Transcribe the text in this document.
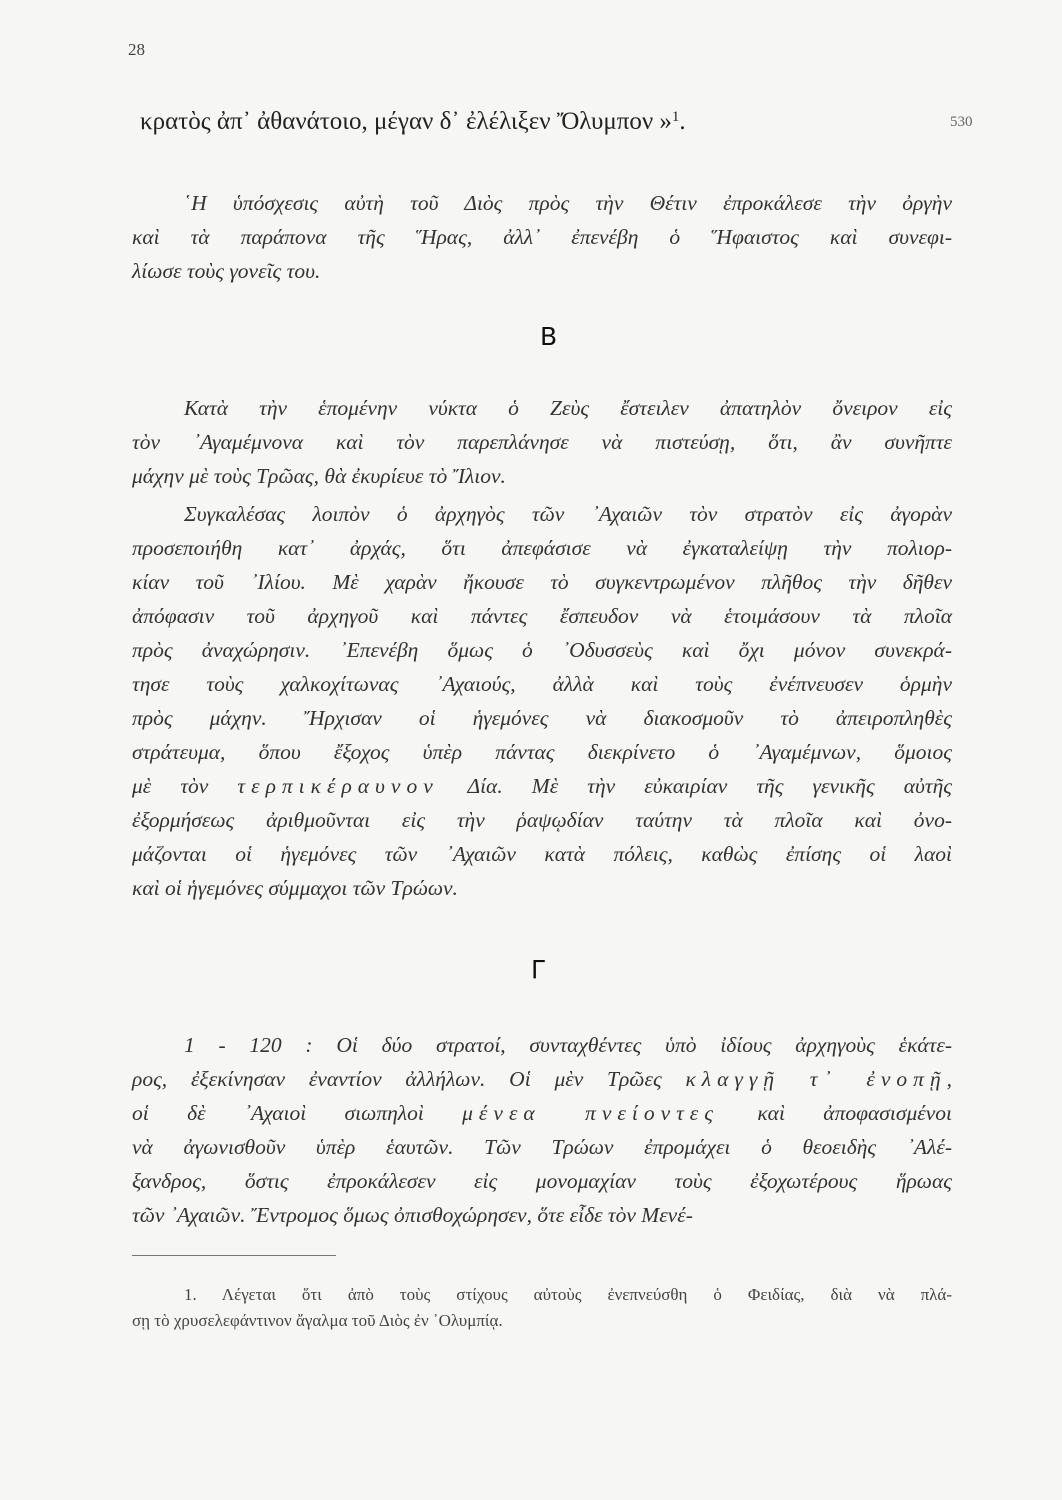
28
κρατὸς ἀπ᾽ ἀθανάτοιο, μέγαν δ᾽ ἐλέλιξεν Ὄλυμπον »$^1$.	530
῾Η ὑπόσχεσις αὐτὴ τοῦ Διὸς πρὸς τὴν Θέτιν ἐπροκάλεσε τὴν ὀργὴν
καὶ τὰ παράπονα τῆς Ἥρας, ἀλλ᾽ ἐπενέβη ὁ Ἥφαιστος καὶ συνεφι-
λίωσε τοὺς γονεῖς του.
Β
Κατὰ τὴν ἑπομένην νύκτα ὁ Ζεὺς ἔστειλεν ἀπατηλὸν ὄνειρον εἰς
τὸν ᾽Αγαμέμνονα καὶ τὸν παρεπλάνησε νὰ πιστεύσῃ, ὅτι, ἂν συνῆπτε
μάχην μὲ τοὺς Τρῶας, θὰ ἐκυρίευε τὸ Ἴλιον.
Συγκαλέσας λοιπὸν ὁ ἀρχηγὸς τῶν ᾽Αχαιῶν τὸν στρατὸν εἰς ἀγορὰν
προσεποιήθη κατ᾽ ἀρχάς, ὅτι ἀπεφάσισε νὰ ἐγκαταλείψῃ τὴν πολιορ-
κίαν τοῦ ᾽Ιλίου. Μὲ χαρὰν ἤκουσε τὸ συγκεντρωμένον πλῆθος τὴν δῆθεν
ἀπόφασιν τοῦ ἀρχηγοῦ καὶ πάντες ἔσπευδον νὰ ἑτοιμάσουν τὰ πλοῖα
πρὸς ἀναχώρησιν. ᾽Επενέβη ὅμως ὁ ᾽Οδυσσεὺς καὶ ὄχι μόνον συνεκρά-
τησε τοὺς χαλκοχίτωνας ᾽Αχαιούς, ἀλλὰ καὶ τοὺς ἐνέπνευσεν ὁρμὴν
πρὸς μάχην. Ἤρχισαν οἱ ἡγεμόνες νὰ διακοσμοῦν τὸ ἀπειροπληθὲς
στράτευμα, ὅπου ἔξοχος ὑπὲρ πάντας διεκρίνετο ὁ ᾽Αγαμέμνων, ὅμοιος
μὲ τὸν τερπικέραυνον Δία. Μὲ τὴν εὐκαιρίαν τῆς γενικῆς αὐτῆς
ἐξορμήσεως ἀριθμοῦνται εἰς τὴν ῥαψῳδίαν ταύτην τὰ πλοῖα καὶ ὀνο-
μάζονται οἱ ἡγεμόνες τῶν ᾽Αχαιῶν κατὰ πόλεις, καθὼς ἐπίσης οἱ λαοὶ
καὶ οἱ ἡγεμόνες σύμμαχοι τῶν Τρώων.
Γ
1 - 120 : Οἱ δύο στρατοί, συνταχθέντες ὑπὸ ἰδίους ἀρχηγοὺς ἑκάτε-
ρος, ἐξεκίνησαν ἐναντίον ἀλλήλων. Οἱ μὲν Τρῶες κλαγγῇ τ᾽ ἐνοπῇ,
οἱ δὲ ᾽Αχαιοὶ σιωπηλοὶ μένεα πνείοντες καὶ ἀποφασισμένοι
νὰ ἀγωνισθοῦν ὑπὲρ ἑαυτῶν. Τῶν Τρώων ἐπρομάχει ὁ θεοειδὴς ᾽Αλέ-
ξανδρος, ὅστις ἐπροκάλεσεν εἰς μονομαχίαν τοὺς ἐξοχωτέρους ἥρωας
τῶν ᾽Αχαιῶν. Ἔντρομος ὅμως ὀπισθοχώρησεν, ὅτε εἶδε τὸν Μενέ-
1. Λέγεται ὅτι ἀπὸ τοὺς στίχους αὐτοὺς ἐνεπνεύσθη ὁ Φειδίας, διὰ νὰ πλά-
σῃ τὸ χρυσελεφάντινον ἄγαλμα τοῦ Διὸς ἐν ᾽Ολυμπίᾳ.
